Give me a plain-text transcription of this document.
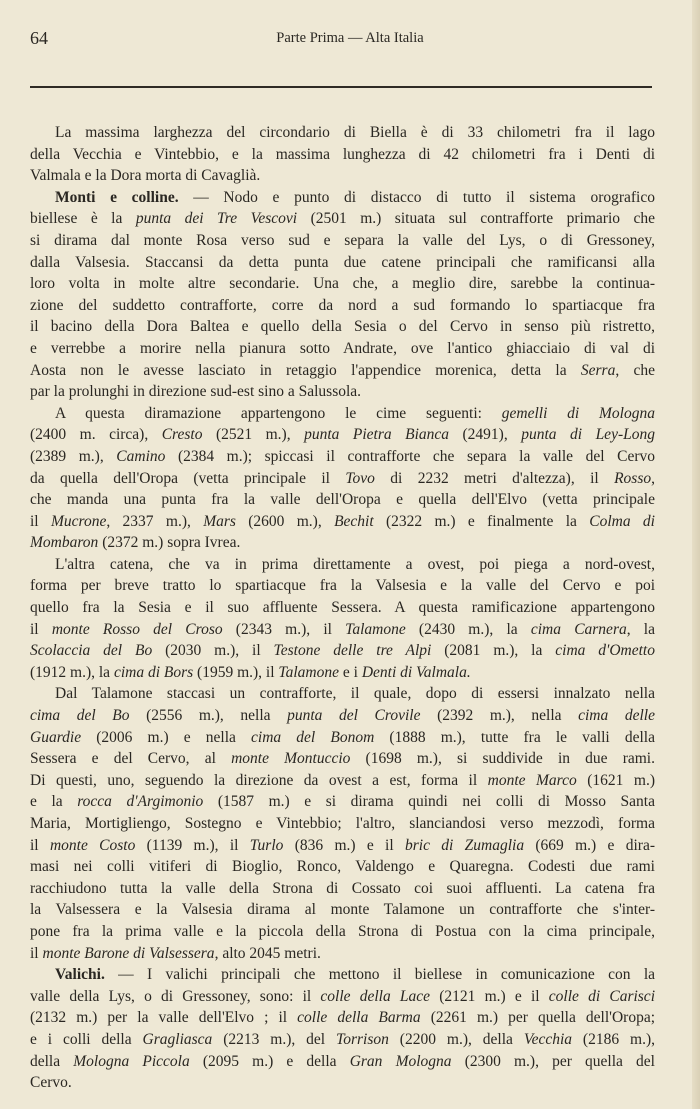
64	Parte Prima — Alta Italia
La massima larghezza del circondario di Biella è di 33 chilometri fra il lago
della Vecchia e Vintebbio, e la massima lunghezza di 42 chilometri fra i Denti di
Valmala e la Dora morta di Cavaglià.
Monti e colline. — Nodo e punto di distacco di tutto il sistema orografico
biellese è la punta dei Tre Vescovi (2501 m.) situata sul contrafforte primario che
si dirama dal monte Rosa verso sud e separa la valle del Lys, o di Gressoney,
dalla Valsesia. Staccansi da detta punta due catene principali che ramificansi alla
loro volta in molte altre secondarie. Una che, a meglio dire, sarebbe la continua-
zione del suddetto contrafforte, corre da nord a sud formando lo spartiacque fra
il bacino della Dora Baltea e quello della Sesia o del Cervo in senso più ristretto,
e verrebbe a morire nella pianura sotto Andrate, ove l'antico ghiacciaio di val di
Aosta non le avesse lasciato in retaggio l'appendice morenica, detta la Serra, che
par la prolunghi in direzione sud-est sino a Salussola.
A questa diramazione appartengono le cime seguenti: gemelli di Mologna
(2400 m. circa), Cresto (2521 m.), punta Pietra Bianca (2491), punta di Ley-Long
(2389 m.), Camino (2384 m.); spiccasi il contrafforte che separa la valle del Cervo
da quella dell'Oropa (vetta principale il Tovo di 2232 metri d'altezza), il Rosso,
che manda una punta fra la valle dell'Oropa e quella dell'Elvo (vetta principale
il Mucrone, 2337 m.), Mars (2600 m.), Bechit (2322 m.) e finalmente la Colma di
Mombaron (2372 m.) sopra Ivrea.
L'altra catena, che va in prima direttamente a ovest, poi piega a nord-ovest,
forma per breve tratto lo spartiacque fra la Valsesia e la valle del Cervo e poi
quello fra la Sesia e il suo affluente Sessera. A questa ramificazione appartengono
il monte Rosso del Croso (2343 m.), il Talamone (2430 m.), la cima Carnera, la
Scolaccia del Bo (2030 m.), il Testone delle tre Alpi (2081 m.), la cima d'Ometto
(1912 m.), la cima di Bors (1959 m.), il Talamone e i Denti di Valmala.
Dal Talamone staccasi un contrafforte, il quale, dopo di essersi innalzato nella
cima del Bo (2556 m.), nella punta del Crovile (2392 m.), nella cima delle
Guardie (2006 m.) e nella cima del Bonom (1888 m.), tutte fra le valli della
Sessera e del Cervo, al monte Montuccio (1698 m.), si suddivide in due rami.
Di questi, uno, seguendo la direzione da ovest a est, forma il monte Marco (1621 m.)
e la rocca d'Argimonio (1587 m.) e si dirama quindi nei colli di Mosso Santa
Maria, Mortigliengo, Sostegno e Vintebbio; l'altro, slanciandosi verso mezzodì, forma
il monte Costo (1139 m.), il Turlo (836 m.) e il bric di Zumaglia (669 m.) e dira-
masi nei colli vitiferi di Bioglio, Ronco, Valdengo e Quaregna. Codesti due rami
racchiudono tutta la valle della Strona di Cossato coi suoi affluenti. La catena fra
la Valsessera e la Valsesia dirama al monte Talamone un contrafforte che s'inter-
pone fra la prima valle e la piccola della Strona di Postua con la cima principale,
il monte Barone di Valsessera, alto 2045 metri.
Valichi. — I valichi principali che mettono il biellese in comunicazione con la
valle della Lys, o di Gressoney, sono: il colle della Lace (2121 m.) e il colle di Carisci
(2132 m.) per la valle dell'Elvo ; il colle della Barma (2261 m.) per quella dell'Oropa;
e i colli della Gragliasca (2213 m.), del Torrison (2200 m.), della Vecchia (2186 m.),
della Mologna Piccola (2095 m.) e della Gran Mologna (2300 m.), per quella del
Cervo.
